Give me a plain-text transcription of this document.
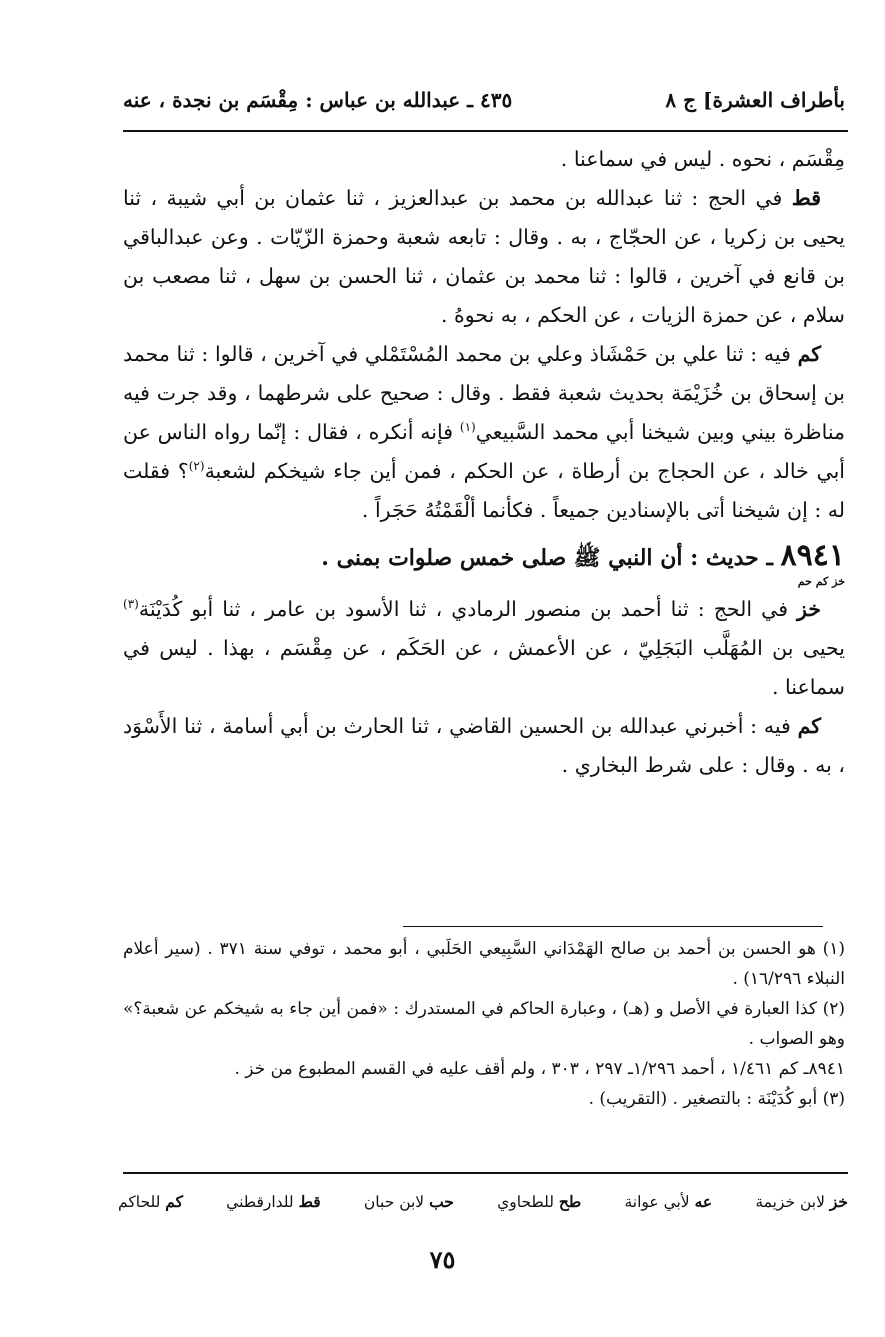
بأطراف العشرة] ج ٨
٤٣٥ ـ عبدالله بن عباس : مِقْسَم بن نجدة ، عنه

مِقْسَم ، نحوه . ليس في سماعنا .

قط في الحج : ثنا عبدالله بن محمد بن عبدالعزيز ، ثنا عثمان بن أبي شيبة ، ثنا يحيى بن زكريا ، عن الحجّاج ، به . وقال : تابعه شعبة وحمزة الزّيّات . وعن عبدالباقي بن قانع في آخرين ، قالوا : ثنا محمد بن عثمان ، ثنا الحسن بن سهل ، ثنا مصعب بن سلام ، عن حمزة الزيات ، عن الحكم ، به نحوهُ .

كم فيه : ثنا علي بن حَمْشَاذ وعلي بن محمد المُسْتَمْلي في آخرين ، قالوا : ثنا محمد بن إسحاق بن خُزَيْمَة بحديث شعبة فقط . وقال : صحيح على شرطهما ، وقد جرت فيه مناظرة بيني وبين شيخنا أبي محمد السَّبيعي$^{(١)}$ فإنه أنكره ، فقال : إنّما رواه الناس عن أبي خالد ، عن الحجاج بن أرطاة ، عن الحكم ، فمن أين جاء شيخكم لشعبة$^{(٢)}$؟ فقلت له : إن شيخنا أتى بالإسنادين جميعاً . فكأنما ألْقَمْتُهُ حَجَراً .

٨٩٤١ ـ حديث : أن النبي ﷺ صلى خمس صلوات بمنى .
خز كم حم

خز في الحج : ثنا أحمد بن منصور الرمادي ، ثنا الأسود بن عامر ، ثنا أبو كُدَيْنَة$^{(٣)}$ يحيى بن المُهَلَّب البَجَلِيّ ، عن الأعمش ، عن الحَكَم ، عن مِقْسَم ، بهذا . ليس في سماعنا .

كم فيه : أخبرني عبدالله بن الحسين القاضي ، ثنا الحارث بن أبي أسامة ، ثنا الأَسْوَد ، به . وقال : على شرط البخاري .

(١) هو الحسن بن أحمد بن صالح الهَمْدَاني السَّبِيعي الحَلَبي ، أبو محمد ، توفي سنة ٣٧١ . (سير أعلام النبلاء ١٦/٢٩٦) .

(٢) كذا العبارة في الأصل و (هـ) ، وعبارة الحاكم في المستدرك : «فمن أين جاء به شيخكم عن شعبة؟» وهو الصواب .

٨٩٤١ـ كم ١/٤٦١ ، أحمد ١/٢٩٦ـ ٢٩٧ ، ٣٠٣ ، ولم أقف عليه في القسم المطبوع من خز .

(٣) أبو كُدَيْنَة : بالتصغير . (التقريب) .

خز لابن خزيمة
عه لأبي عوانة
طح للطحاوي
حب لابن حبان
قط للدارقطني
كم للحاكم
٧٥
